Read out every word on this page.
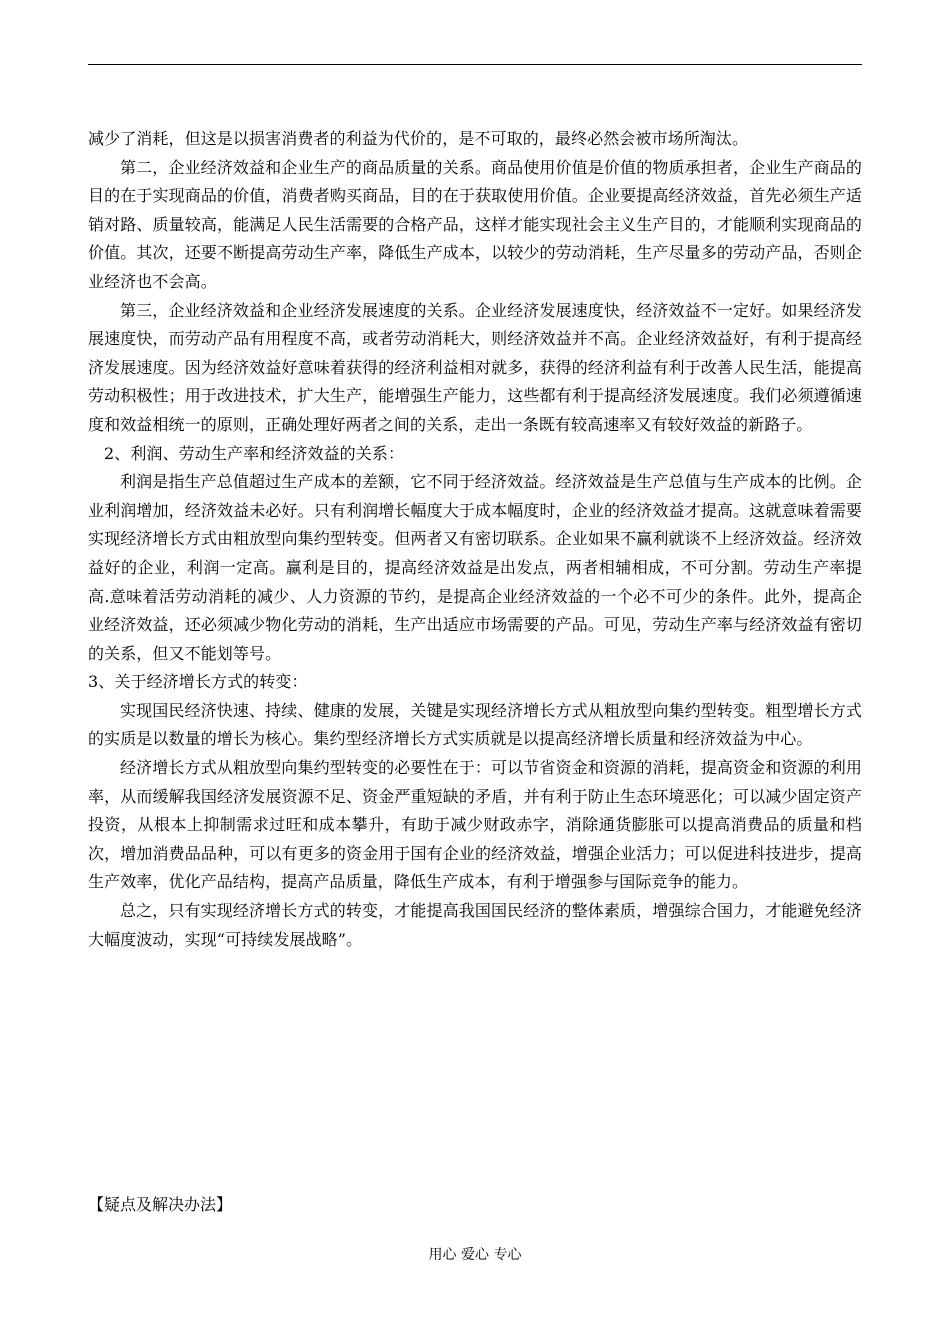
减少了消耗，但这是以损害消费者的利益为代价的，是不可取的，最终必然会被市场所淘汰。

第二，企业经济效益和企业生产的商品质量的关系。商品使用价值是价值的物质承担者，企业生产商品的目的在于实现商品的价值，消费者购买商品，目的在于获取使用价值。企业要提高经济效益，首先必须生产适销对路、质量较高，能满足人民生活需要的合格产品，这样才能实现社会主义生产目的，才能顺利实现商品的价值。其次，还要不断提高劳动生产率，降低生产成本，以较少的劳动消耗，生产尽量多的劳动产品，否则企业经济也不会高。

第三，企业经济效益和企业经济发展速度的关系。企业经济发展速度快，经济效益不一定好。如果经济发展速度快，而劳动产品有用程度不高，或者劳动消耗大，则经济效益并不高。企业经济效益好，有利于提高经济发展速度。因为经济效益好意味着获得的经济利益相对就多，获得的经济利益有利于改善人民生活，能提高劳动积极性；用于改进技术，扩大生产，能增强生产能力，这些都有利于提高经济发展速度。我们必须遵循速度和效益相统一的原则，正确处理好两者之间的关系，走出一条既有较高速率又有较好效益的新路子。

2、利润、劳动生产率和经济效益的关系：

利润是指生产总值超过生产成本的差额，它不同于经济效益。经济效益是生产总值与生产成本的比例。企业利润增加，经济效益未必好。只有利润增长幅度大于成本幅度时，企业的经济效益才提高。这就意味着需要实现经济增长方式由粗放型向集约型转变。但两者又有密切联系。企业如果不赢利就谈不上经济效益。经济效益好的企业，利润一定高。赢利是目的，提高经济效益是出发点，两者相辅相成，不可分割。劳动生产率提高.意味着活劳动消耗的减少、人力资源的节约，是提高企业经济效益的一个必不可少的条件。此外，提高企业经济效益，还必须减少物化劳动的消耗，生产出适应市场需要的产品。可见，劳动生产率与经济效益有密切的关系，但又不能划等号。

3、关于经济增长方式的转变：

实现国民经济快速、持续、健康的发展，关键是实现经济增长方式从粗放型向集约型转变。粗型增长方式的实质是以数量的增长为核心。集约型经济增长方式实质就是以提高经济增长质量和经济效益为中心。

经济增长方式从粗放型向集约型转变的必要性在于：可以节省资金和资源的消耗，提高资金和资源的利用率，从而缓解我国经济发展资源不足、资金严重短缺的矛盾，并有利于防止生态环境恶化；可以减少固定资产投资，从根本上抑制需求过旺和成本攀升，有助于减少财政赤字，消除通货膨胀可以提高消费品的质量和档次，增加消费品品种，可以有更多的资金用于国有企业的经济效益，增强企业活力；可以促进科技进步，提高生产效率，优化产品结构，提高产品质量，降低生产成本，有利于增强参与国际竞争的能力。

总之，只有实现经济增长方式的转变，才能提高我国国民经济的整体素质，增强综合国力，才能避免经济大幅度波动，实现“可持续发展战略”。

【疑点及解决办法】
用心 爱心 专心
